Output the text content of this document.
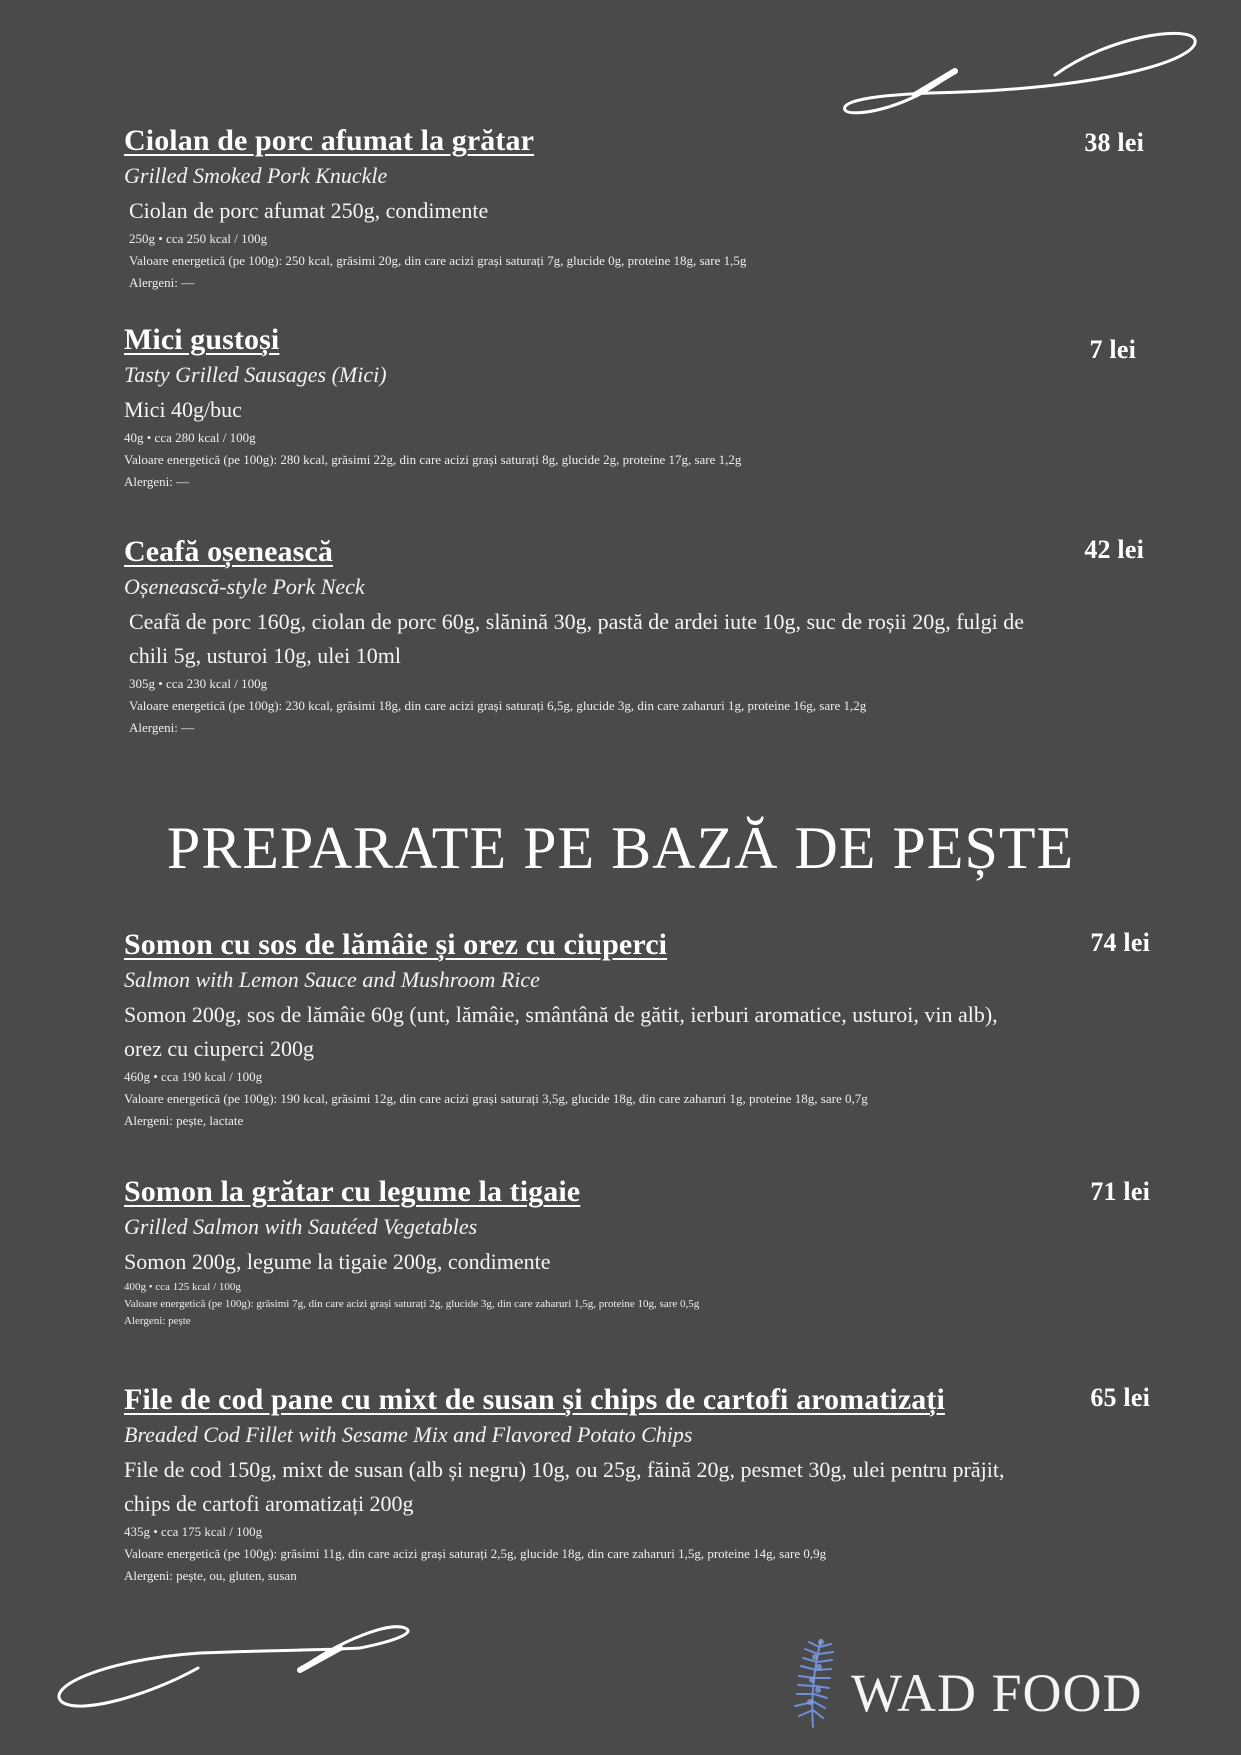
Ciolan de porc afumat la grătar
Grilled Smoked Pork Knuckle
Ciolan de porc afumat 250g, condimente
250g • cca 250 kcal / 100g
Valoare energetică (pe 100g): 250 kcal, grăsimi 20g, din care acizi grași saturați 7g, glucide 0g, proteine 18g, sare 1,5g
Alergeni: —
38 lei
Mici gustoși
Tasty Grilled Sausages (Mici)
Mici 40g/buc
40g • cca 280 kcal / 100g
Valoare energetică (pe 100g): 280 kcal, grăsimi 22g, din care acizi grași saturați 8g, glucide 2g, proteine 17g, sare 1,2g
Alergeni: —
7 lei
Ceafă oșenească
Oșenească-style Pork Neck
Ceafă de porc 160g, ciolan de porc 60g, slănină 30g, pastă de ardei iute 10g, suc de roșii 20g, fulgi de chili 5g, usturoi 10g, ulei 10ml
305g • cca 230 kcal / 100g
Valoare energetică (pe 100g): 230 kcal, grăsimi 18g, din care acizi grași saturați 6,5g, glucide 3g, din care zaharuri 1g, proteine 16g, sare 1,2g
Alergeni: —
42 lei
PREPARATE PE BAZĂ DE PEȘTE
Somon cu sos de lămâie și orez cu ciuperci
Salmon with Lemon Sauce and Mushroom Rice
Somon 200g, sos de lămâie 60g (unt, lămâie, smântână de gătit, ierburi aromatice, usturoi, vin alb), orez cu ciuperci 200g
460g • cca 190 kcal / 100g
Valoare energetică (pe 100g): 190 kcal, grăsimi 12g, din care acizi grași saturați 3,5g, glucide 18g, din care zaharuri 1g, proteine 18g, sare 0,7g
Alergeni: pește, lactate
74 lei
Somon la grătar cu legume la tigaie
Grilled Salmon with Sautéed Vegetables
Somon 200g, legume la tigaie 200g, condimente
400g • cca 125 kcal / 100g
Valoare energetică (pe 100g): grăsimi 7g, din care acizi grași saturați 2g, glucide 3g, din care zaharuri 1,5g, proteine 10g, sare 0,5g
Alergeni: pește
71 lei
File de cod pane cu mixt de susan și chips de cartofi aromatizați
Breaded Cod Fillet with Sesame Mix and Flavored Potato Chips
File de cod 150g, mixt de susan (alb și negru) 10g, ou 25g, făină 20g, pesmet 30g, ulei pentru prăjit, chips de cartofi aromatizați 200g
435g • cca 175 kcal / 100g
Valoare energetică (pe 100g): grăsimi 11g, din care acizi grași saturați 2,5g, glucide 18g, din care zaharuri 1,5g, proteine 14g, sare 0,9g
Alergeni: pește, ou, gluten, susan
65 lei
WAD FOOD
